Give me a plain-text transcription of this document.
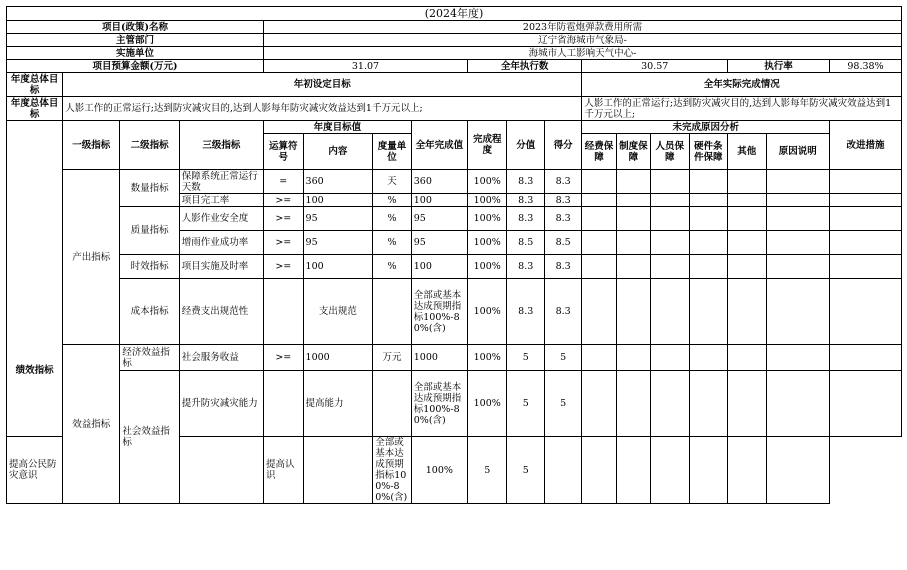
(2024年度)																	
项目(政策)名称				2023年防雹炮弹款费用所需													
主管部门				辽宁省海城市气象局-													
实施单位				海城市人工影响天气中心-													
项目预算金额(万元)				31.07				全年执行数			30.57				执行率		98.38%
年度总体目标	年初设定目标										全年实际完成情况						
年度总体目标	人影工作的正常运行;达到防灾减灾目的,达到人影每年防灾减灾效益达到1千万元以上;										人影工作的正常运行;达到防灾减灾目的,达到人影每年防灾减灾效益达到1千万元以上;						
绩效指标	一级指标	二级指标	三级指标	年度目标值			全年完成值	完成程度	分值	得分	未完成原因分析						改进措施
				运算符号	内容	度量单位					经费保障	制度保障	人员保障	硬件条件保障	其他	原因说明	
	产出指标	数量指标	保障系统正常运行天数	=	360	天	360	100%	8.3	8.3							
			项目完工率	>=	100	%	100	100%	8.3	8.3							
		质量指标	人影作业安全度	>=	95	%	95	100%	8.3	8.3							
			增雨作业成功率	>=	95	%	95	100%	8.5	8.5							
		时效指标	项目实施及时率	>=	100	%	100	100%	8.3	8.3							
		成本指标	经费支出规范性		支出规范		全部或基本达成预期指标100%-80%(含)	100%	8.3	8.3							
	效益指标	经济效益指标	社会服务收益	>=	1000	万元	1000	100%	5	5							
		社会效益指标	提升防灾减灾能力		提高能力		全部或基本达成预期指标100%-80%(含)	100%	5	5							
提高公民防灾意识				提高认识		全部或基本达成预期指标100%-80%(含)	100%	5	5								
